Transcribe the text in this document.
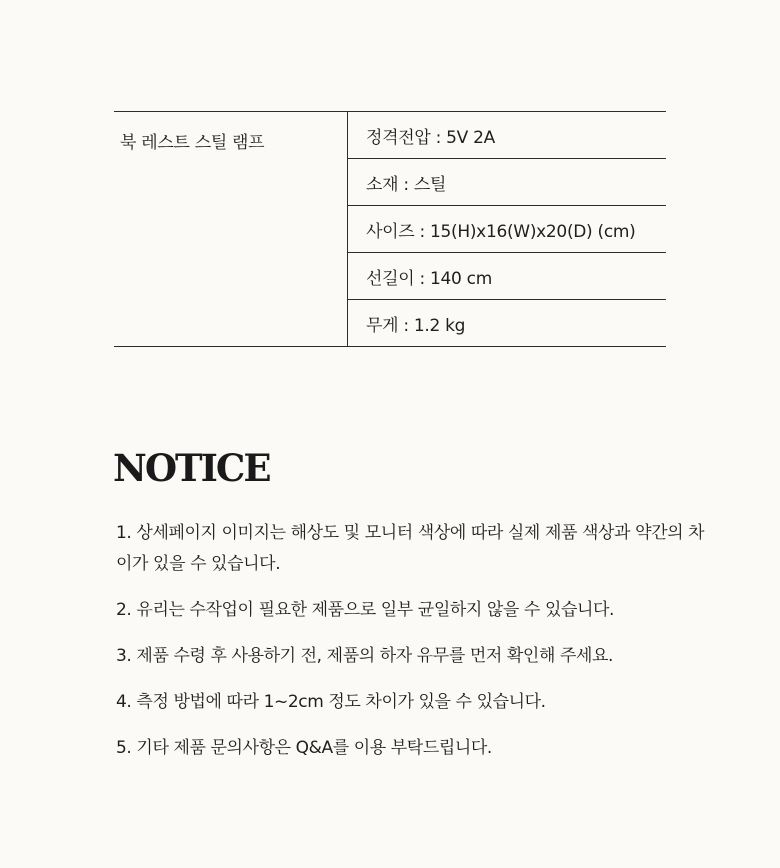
북 레스트 스틸 램프	정격전압 : 5V 2A
소재 : 스틸
사이즈 : 15(H)x16(W)x20(D) (cm)
선길이 : 140 cm
무게 : 1.2 kg
NOTICE
1. 상세페이지 이미지는 해상도 및 모니터 색상에 따라 실제 제품 색상과 약간의 차이가 있을 수 있습니다.
2. 유리는 수작업이 필요한 제품으로 일부 균일하지 않을 수 있습니다.
3. 제품 수령 후 사용하기 전, 제품의 하자 유무를 먼저 확인해 주세요.
4. 측정 방법에 따라 1~2cm 정도 차이가 있을 수 있습니다.
5. 기타 제품 문의사항은 Q&A를 이용 부탁드립니다.
